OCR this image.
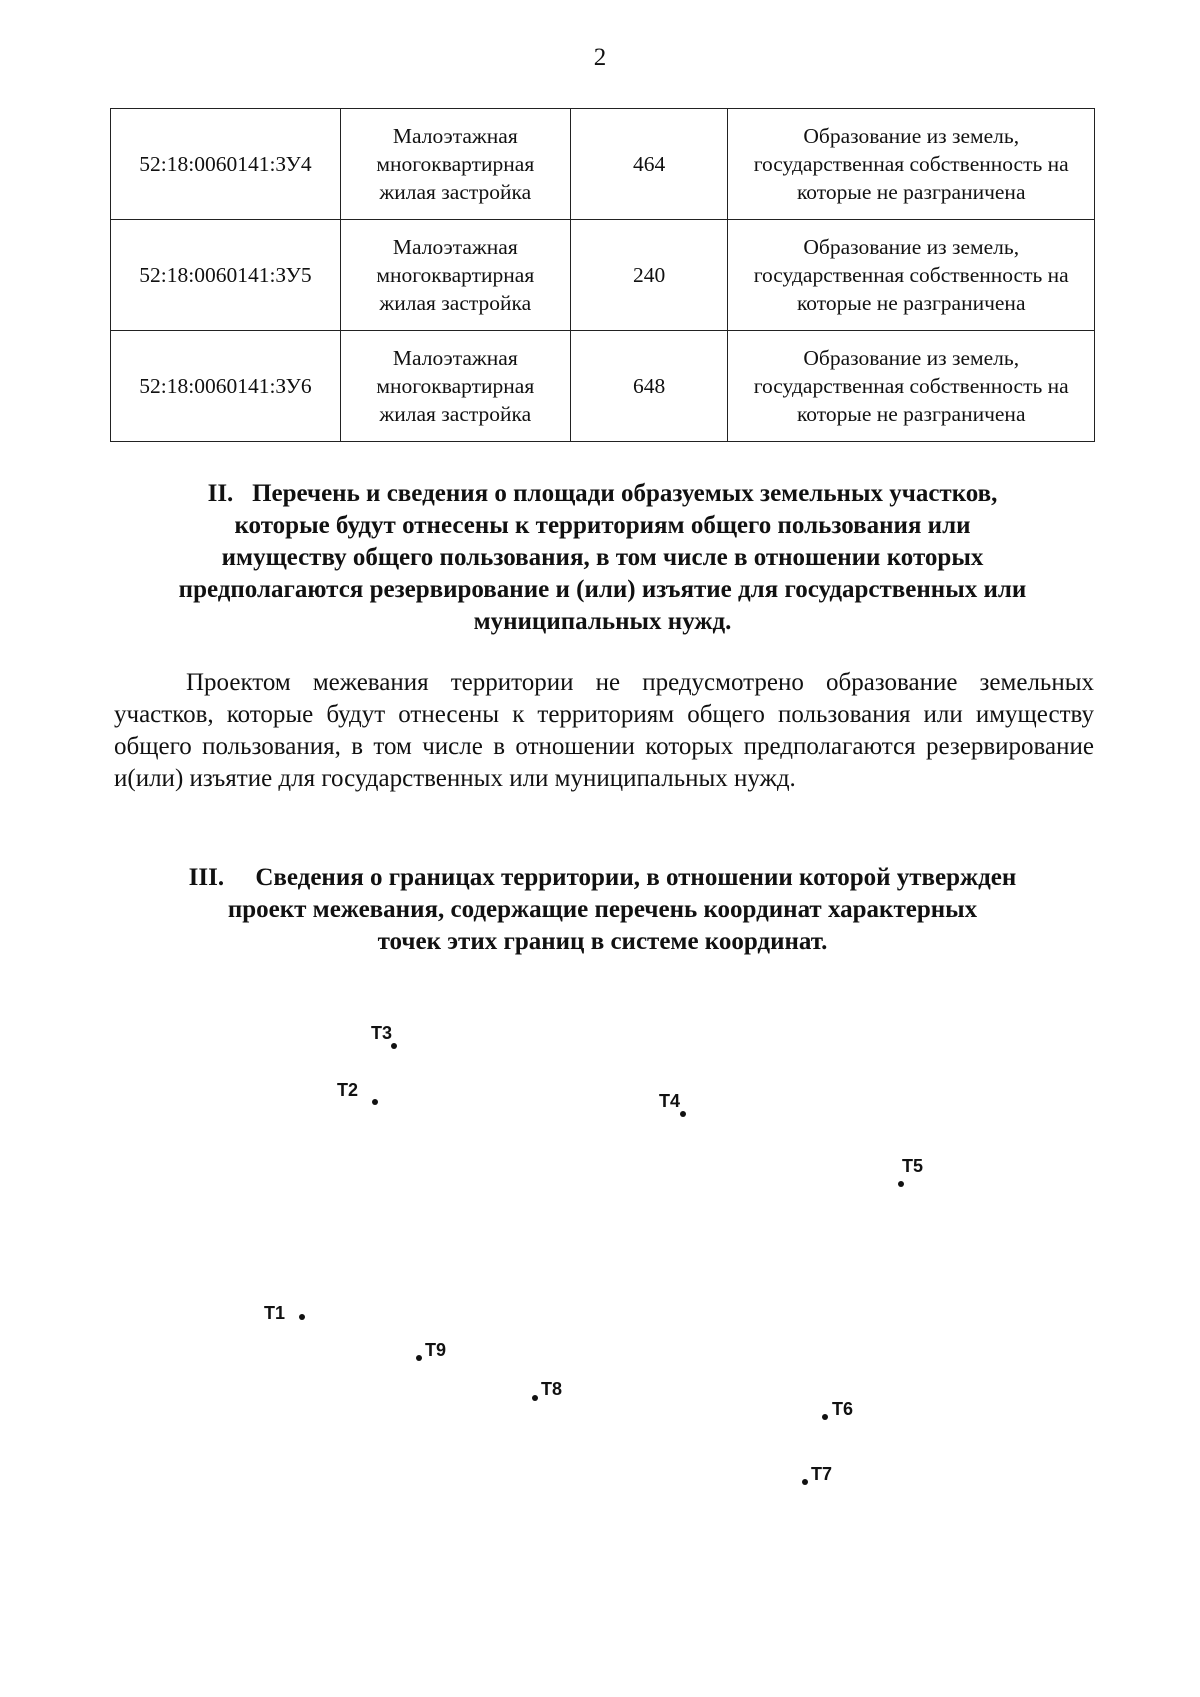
2
52:18:0060141:ЗУ4	Малоэтажная
многоквартирная
жилая застройка	464	Образование из земель,
государственная собственность на
которые не разграничена
52:18:0060141:ЗУ5	Малоэтажная
многоквартирная
жилая застройка	240	Образование из земель,
государственная собственность на
которые не разграничена
52:18:0060141:ЗУ6	Малоэтажная
многоквартирная
жилая застройка	648	Образование из земель,
государственная собственность на
которые не разграничена
II. Перечень и сведения о площади образуемых земельных участков,
которые будут отнесены к территориям общего пользования или
имуществу общего пользования, в том числе в отношении которых
предполагаются резервирование и (или) изъятие для государственных или
муниципальных нужд.
Проектом межевания территории не предусмотрено образование земельных участков, которые будут отнесены к территориям общего пользования или имуществу общего пользования, в том числе в отношении которых предполагаются резервирование и(или) изъятие для государственных или муниципальных нужд.
III. Сведения о границах территории, в отношении которой утвержден
проект межевания, содержащие перечень координат характерных
точек этих границ в системе координат.
Т1
Т2
Т3
Т4
Т5
Т6
Т7
Т8
Т9
